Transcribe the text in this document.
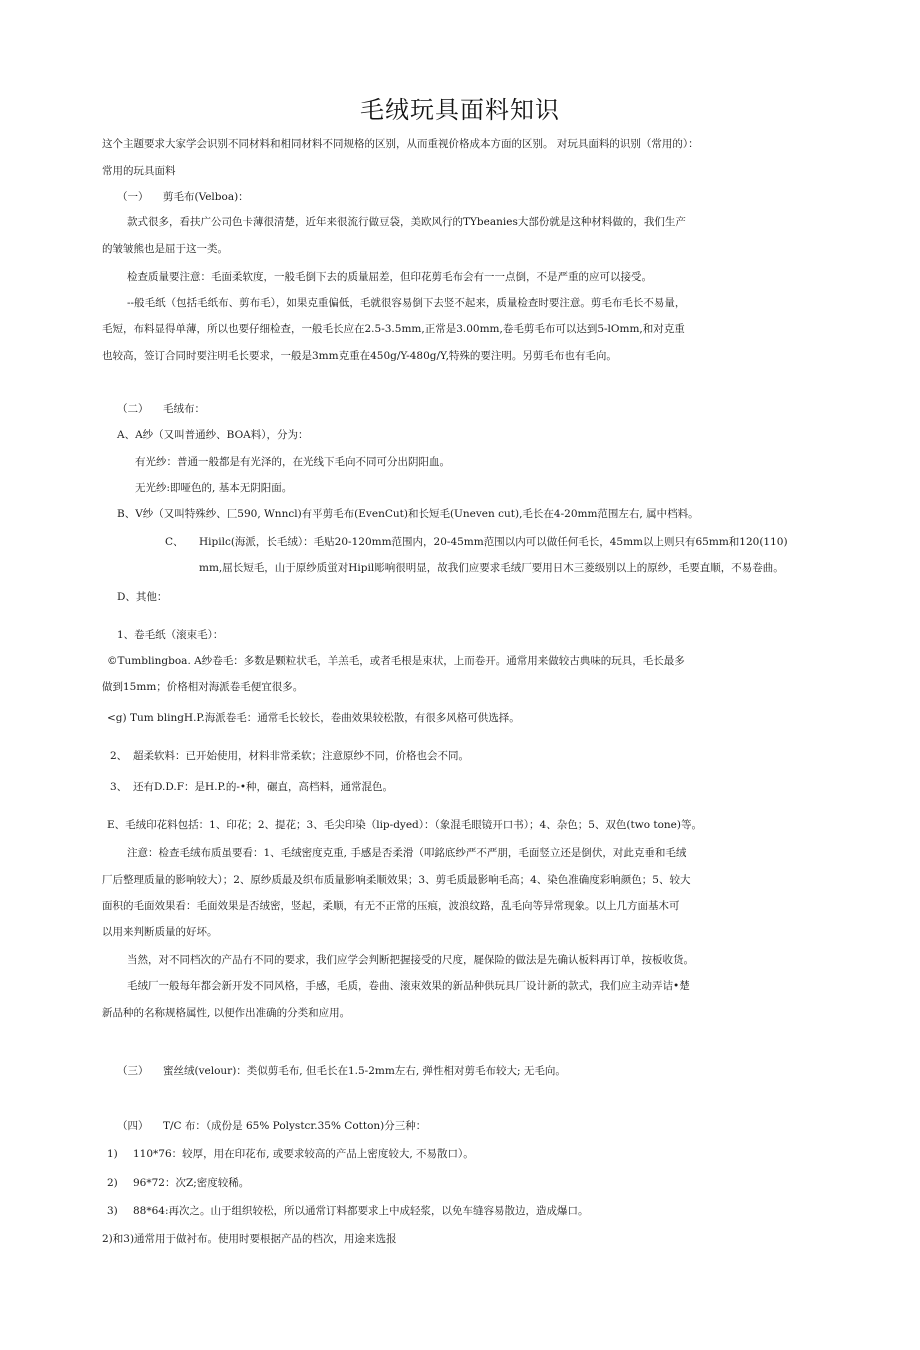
毛绒玩具面料知识
这个主题要求大家学会识别不同材料和相同材料不同规格的区别，从而重视价格成本方面的区别。 对玩具面料的识别（常用的）：
常用的玩具面料
（一） 剪毛布(Velboa)：
款式很多，看扶广公司色卡薄很清楚，近年来很流行做豆袋，美欧风行的TYbeanies大部份就是这种材料做的，我们生产
的皱皱熊也是屈于这一类。
检查质量要注意：毛面柔软度，一般毛倒下去的质量屈差，但印花剪毛布会有一一点倒，不是严重的应可以接受。
--般毛纸（包括毛纸布、剪布毛），如果克重偏低，毛就很容易倒下去竖不起来，质量检查时要注意。剪毛布毛长不易量，
毛短，布料显得单薄，所以也要仔细检查，一般毛长应在2.5-3.5mm,正常是3.00mm,卷毛剪毛布可以达到5-lOmm,和对克重
也较高，签订合同时要注明毛长要求，一般是3mm克重在450g/Y-480g/Y,特殊的要注明。另剪毛布也有毛向。
（二） 毛绒布：
A、A纱（又叫普通纱、BOA料），分为：
有光纱：普通一般都是有光泽的，在光线下毛向不同可分出阴阳血。
无光纱:即哑色的, 基本无阴阳面。
B、V纱（又叫特殊纱、匚590, Wnncl)有平剪毛布(EvenCut)和长短毛(Uneven cut),毛长在4-20mm范围左右, 属中档料。
C、 Hipilc(海派，长毛绒）：毛贴20-120mm范围内，20-45mm范围以内可以做任何毛长，45mm以上则只有65mm和120(110)
mm,屈长短毛，山于原纱质蛍对Hipil彫响很明显，故我们应要求毛绒厂要用日木三菱级别以上的原纱，毛要直顺，不易卷曲。
D、其他：
1、卷毛纸（滚束毛）：
©Tumblingboa. A纱卷毛：多数是颗粒状毛，羊羔毛，或者毛根是束状，上而卷开。通常用来做较古典味的玩具，毛长最多
做到15mm；价格相对海派卷毛便宜很多。
<g) Tum blingH.P.海派卷毛：通常毛长较长，卷曲效果较松散，有很多风格可供选择。
2、 超柔软料：已开始使用，材料非常柔软；注意原纱不同，价格也会不同。
3、 还有D.D.F：是H.P.的-•种，碾直，高档料，通常混色。
E、毛绒印花料包括：1、印花；2、提花；3、毛尖印染（lip-dyed）：（象混毛眼镜开口书）；4、杂色；5、双色(two tone)等。
注意：检查毛绒布质虽要看：1、毛绒密度克重, 手感是否柔滑（叩銘底纱严不严朋，毛面竖立还是倒伏，对此克垂和毛绒
厂后整理质量的影响较大）；2、原纱质最及织布质量影响柔顺效果；3、剪毛质最影响毛高；4、染色准确度彩晌颜色；5、较大
面积的毛面效果看：毛面效果是否绒密，竖起，柔顺，有无不正常的压痕，波浪纹路，乱毛向等异常现象。以上几方面基木可
以用来判断质量的好坏。
当然，对不同档次的产品冇不同的要求，我们应学会判断把握接受的尺度，屣保险的做法是先确认板料再订单，按板收货。
毛绒厂一般每年都会新开发不同风格，手感，毛质，卷曲、滚束效果的新品种供玩具厂设计新的款式，我们应主动弄诘•楚
新品种的名称规格属性, 以便作出准确的分类和应用。
（三） 蜜丝绒(velour)：类似剪毛布, 但毛长在1.5-2mm左右, 弹性相对剪毛布较大; 无毛向。
（四） T/C 布：（成份是 65% Polystcr.35% Cotton)分三种：
1) 110*76：较厚，用在印花布, 或要求较高的产品上密度较大, 不易散口）。
2) 96*72：次Z;密度较稀。
3) 88*64:再次之。山于组织较松，所以通常订料都要求上中成轻浆，以免车缝容易散边，造成爆口。
2)和3)通常用于做衬布。使用时要根据产品的档次，用途来选报
